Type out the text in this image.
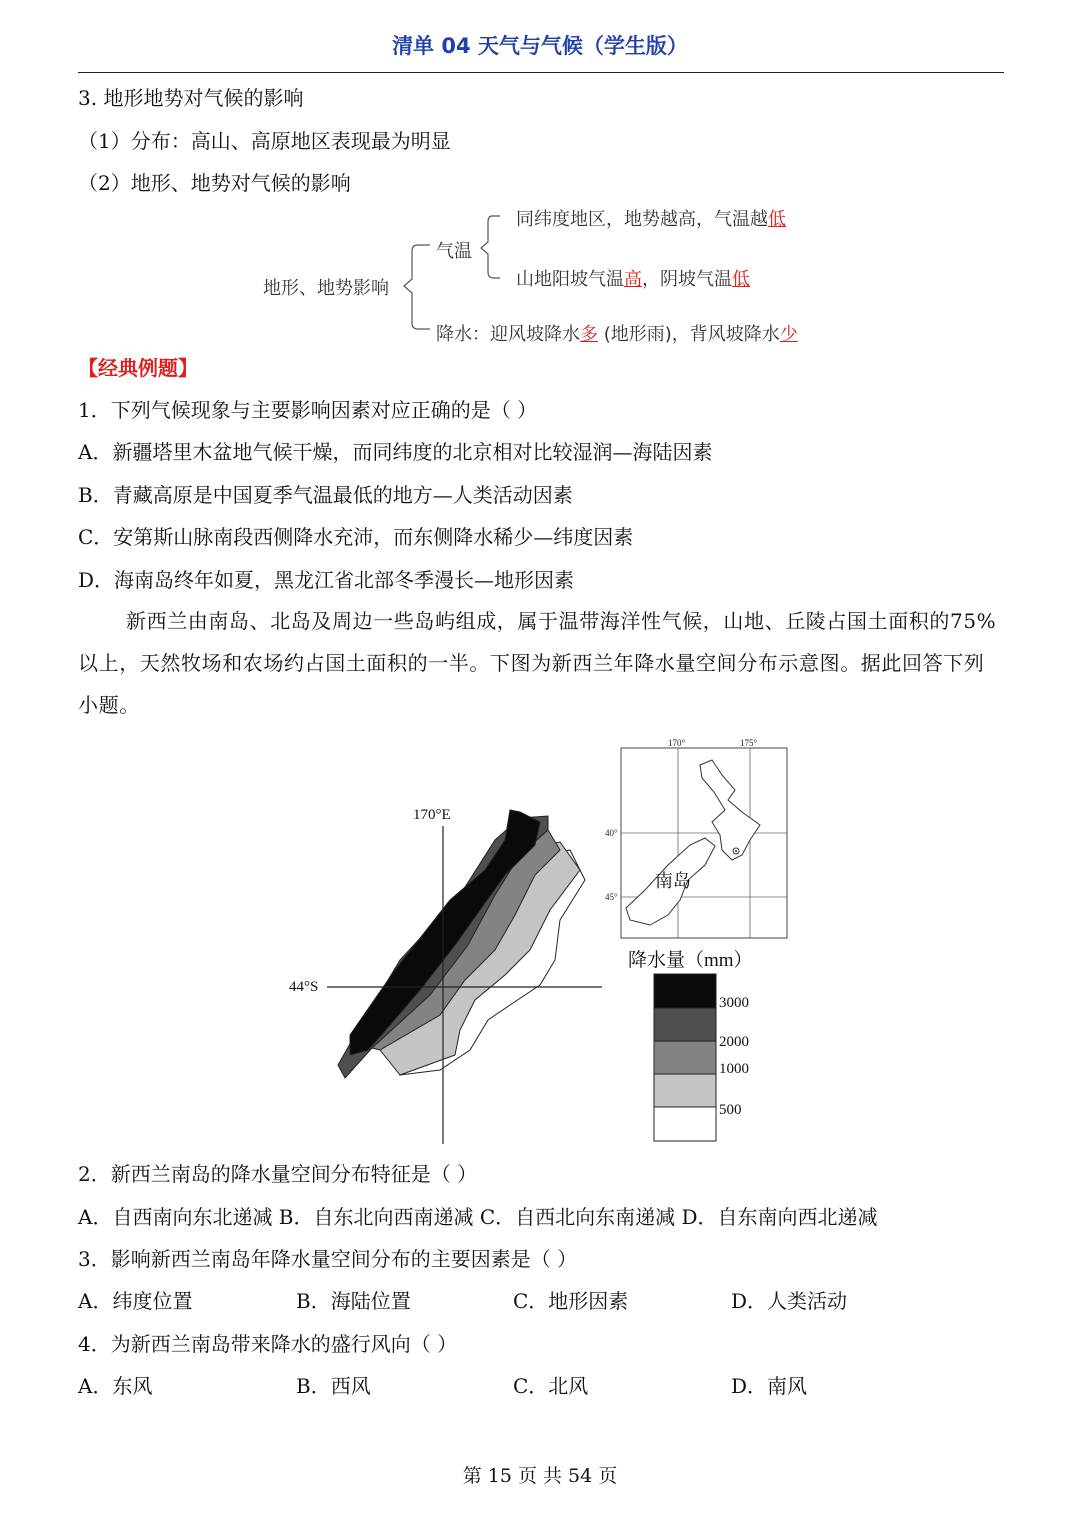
清单 04 天气与气候（学生版）
3. 地形地势对气候的影响
（1）分布：高山、高原地区表现最为明显
（2）地形、地势对气候的影响
地形、地势影响
气温
同纬度地区，地势越高，气温越低
山地阳坡气温高，阴坡气温低
降水：迎风坡降水多 (地形雨)，背风坡降水少
【经典例题】
1．下列气候现象与主要影响因素对应正确的是（ ）
A．新疆塔里木盆地气候干燥，而同纬度的北京相对比较湿润—海陆因素
B．青藏高原是中国夏季气温最低的地方—人类活动因素
C．安第斯山脉南段西侧降水充沛，而东侧降水稀少—纬度因素
D．海南岛终年如夏，黑龙江省北部冬季漫长—地形因素
新西兰由南岛、北岛及周边一些岛屿组成，属于温带海洋性气候，山地、丘陵占国土面积的75%以上，天然牧场和农场约占国土面积的一半。下图为新西兰年降水量空间分布示意图。据此回答下列小题。
170°E
44°S
170°	175°
40°
45°
南岛
降水量（mm）
3000
2000
1000
500
2．新西兰南岛的降水量空间分布特征是（ ）
A．自西南向东北递减 B．自东北向西南递减 C．自西北向东南递减 D．自东南向西北递减
3．影响新西兰南岛年降水量空间分布的主要因素是（ ）
A．纬度位置	B．海陆位置	C．地形因素	D．人类活动
4．为新西兰南岛带来降水的盛行风向（ ）
A．东风	B．西风	C．北风	D．南风
第 15 页 共 54 页
